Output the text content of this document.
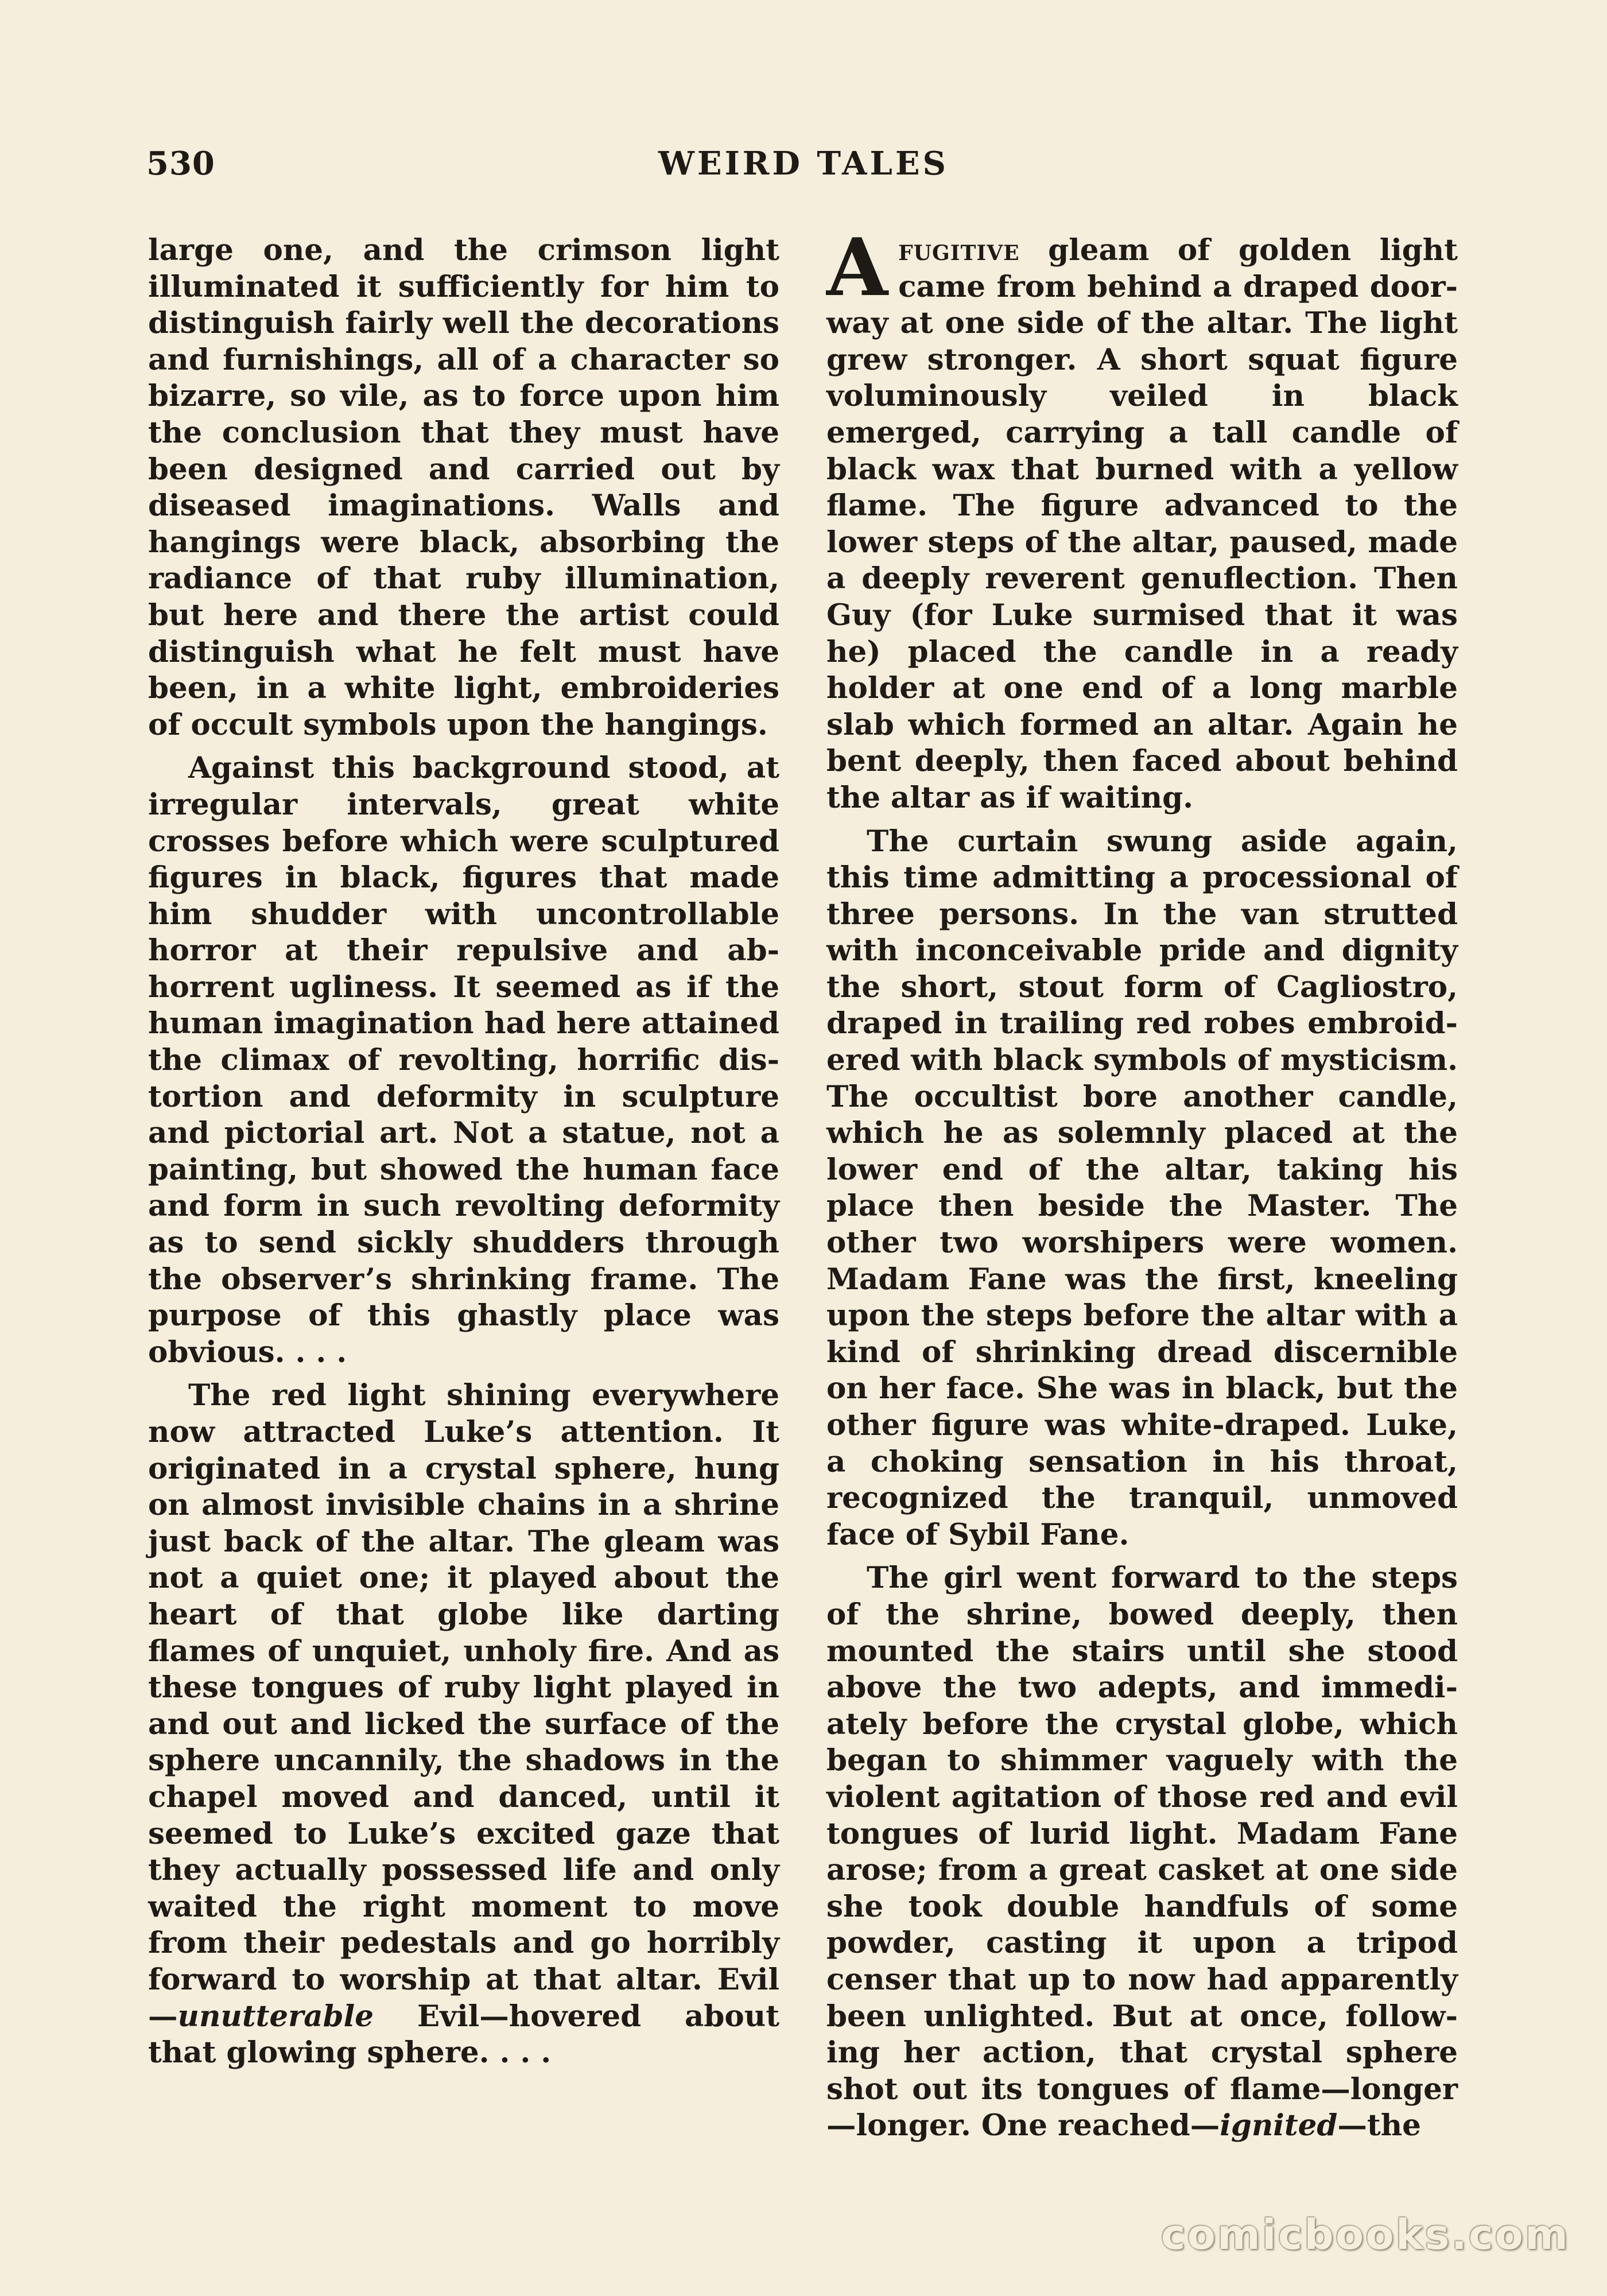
530	WEIRD TALES

large one, and the crimson light illuminated it sufficiently for him to distinguish fairly well the decorations and furnishings, all of a character so bizarre, so vile, as to force upon him the conclusion that they must have been designed and carried out by diseased imaginations. Walls and hangings were black, absorbing the radiance of that ruby illumination, but here and there the artist could distinguish what he felt must have been, in a white light, embroideries of occult symbols upon the hangings.

Against this background stood, at irregular intervals, great white crosses before which were sculptured figures in black, figures that made him shudder with uncontrollable horror at their repulsive and abhorrent ugliness. It seemed as if the human imagination had here attained the climax of revolting, horrific distortion and deformity in sculpture and pictorial art. Not a statue, not a painting, but showed the human face and form in such revolting deformity as to send sickly shudders through the observer’s shrinking frame. The purpose of this ghastly place was obvious. . . .

The red light shining everywhere now attracted Luke’s attention. It originated in a crystal sphere, hung on almost invisible chains in a shrine just back of the altar. The gleam was not a quiet one; it played about the heart of that globe like darting flames of unquiet, unholy fire. And as these tongues of ruby light played in and out and licked the surface of the sphere uncannily, the shadows in the chapel moved and danced, until it seemed to Luke’s excited gaze that they actually possessed life and only waited the right moment to move from their pedestals and go horribly forward to worship at that altar. Evil—unutterable Evil—hovered about that glowing sphere. . . .

Afugitive gleam of golden light came from behind a draped doorway at one side of the altar. The light grew stronger. A short squat figure voluminously veiled in black emerged, carrying a tall candle of black wax that burned with a yellow flame. The figure advanced to the lower steps of the altar, paused, made a deeply reverent genuflection. Then Guy (for Luke surmised that it was he) placed the candle in a ready holder at one end of a long marble slab which formed an altar. Again he bent deeply, then faced about behind the altar as if waiting.

The curtain swung aside again, this time admitting a processional of three persons. In the van strutted with inconceivable pride and dignity the short, stout form of Cagliostro, draped in trailing red robes embroidered with black symbols of mysticism. The occultist bore another candle, which he as solemnly placed at the lower end of the altar, taking his place then beside the Master. The other two worshipers were women. Madam Fane was the first, kneeling upon the steps before the altar with a kind of shrinking dread discernible on her face. She was in black, but the other figure was white-draped. Luke, a choking sensation in his throat, recognized the tranquil, unmoved face of Sybil Fane.

The girl went forward to the steps of the shrine, bowed deeply, then mounted the stairs until she stood above the two adepts, and immediately before the crystal globe, which began to shimmer vaguely with the violent agitation of those red and evil tongues of lurid light. Madam Fane arose; from a great casket at one side she took double handfuls of some powder, casting it upon a tripod censer that up to now had apparently been unlighted. But at once, following her action, that crystal sphere shot out its tongues of flame—longer —longer. One reached—ignited—the

comicbooks.com
